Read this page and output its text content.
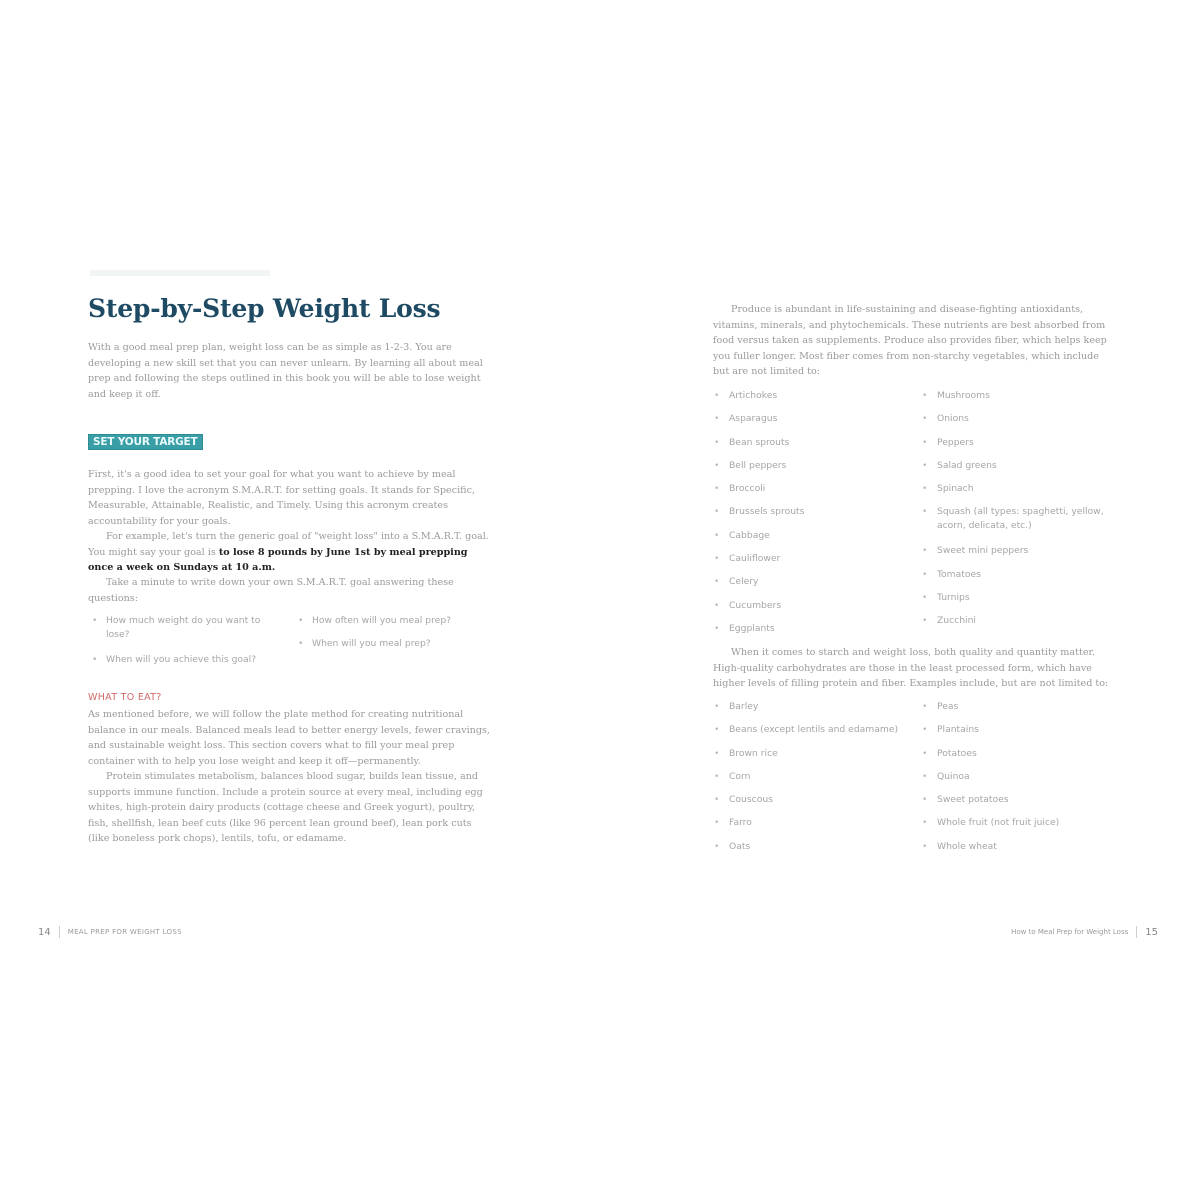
Step-by-Step Weight Loss

With a good meal prep plan, weight loss can be as simple as 1-2-3. You are developing a new skill set that you can never unlearn. By learning all about meal prep and following the steps outlined in this book you will be able to lose weight and keep it off.

SET YOUR TARGET

First, it's a good idea to set your goal for what you want to achieve by meal prepping. I love the acronym S.M.A.R.T. for setting goals. It stands for Specific, Measurable, Attainable, Realistic, and Timely. Using this acronym creates accountability for your goals.

For example, let's turn the generic goal of "weight loss" into a S.M.A.R.T. goal. You might say your goal is to lose 8 pounds by June 1st by meal prepping once a week on Sundays at 10 a.m.

Take a minute to write down your own S.M.A.R.T. goal answering these questions:

• How much weight do you want to lose?
• When will you achieve this goal?
• How often will you meal prep?
• When will you meal prep?
WHAT TO EAT?

As mentioned before, we will follow the plate method for creating nutritional balance in our meals. Balanced meals lead to better energy levels, fewer cravings, and sustainable weight loss. This section covers what to fill your meal prep container with to help you lose weight and keep it off—permanently.

Protein stimulates metabolism, balances blood sugar, builds lean tissue, and supports immune function. Include a protein source at every meal, including egg whites, high-protein dairy products (cottage cheese and Greek yogurt), poultry, fish, shellfish, lean beef cuts (like 96 percent lean ground beef), lean pork cuts (like boneless pork chops), lentils, tofu, or edamame.

14 MEAL PREP FOR WEIGHT LOSS

Produce is abundant in life-sustaining and disease-fighting antioxidants, vitamins, minerals, and phytochemicals. These nutrients are best absorbed from food versus taken as supplements. Produce also provides fiber, which helps keep you fuller longer. Most fiber comes from non-starchy vegetables, which include but are not limited to:

• Artichokes
• Asparagus
• Bean sprouts
• Bell peppers
• Broccoli
• Brussels sprouts
• Cabbage
• Cauliflower
• Celery
• Cucumbers
• Eggplants
• Mushrooms
• Onions
• Peppers
• Salad greens
• Spinach
• Squash (all types: spaghetti, yellow, acorn, delicata, etc.)
• Sweet mini peppers
• Tomatoes
• Turnips
• Zucchini

When it comes to starch and weight loss, both quality and quantity matter. High-quality carbohydrates are those in the least processed form, which have higher levels of filling protein and fiber. Examples include, but are not limited to:

• Barley
• Beans (except lentils and edamame)
• Brown rice
• Corn
• Couscous
• Farro
• Oats
• Peas
• Plantains
• Potatoes
• Quinoa
• Sweet potatoes
• Whole fruit (not fruit juice)
• Whole wheat
How to Meal Prep for Weight Loss 15
